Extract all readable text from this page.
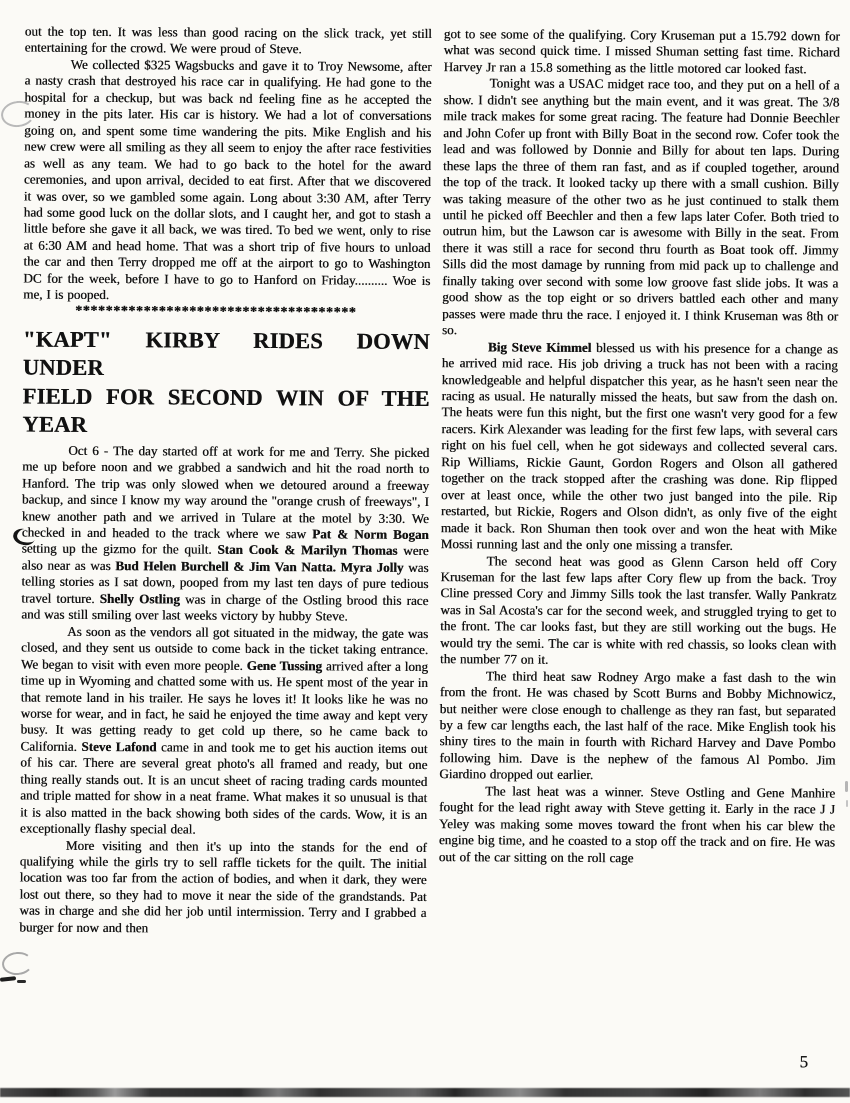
out the top ten. It was less than good racing on the slick track, yet still entertaining for the crowd. We were proud of Steve.

We collected $325 Wagsbucks and gave it to Troy Newsome, after a nasty crash that destroyed his race car in qualifying. He had gone to the hospital for a checkup, but was back nd feeling fine as he accepted the money in the pits later. His car is history. We had a lot of conversations going on, and spent some time wandering the pits. Mike English and his new crew were all smiling as they all seem to enjoy the after race festivities as well as any team. We had to go back to the hotel for the award ceremonies, and upon arrival, decided to eat first. After that we discovered it was over, so we gambled some again. Long about 3:30 AM, after Terry had some good luck on the dollar slots, and I caught her, and got to stash a little before she gave it all back, we was tired. To bed we went, only to rise at 6:30 AM and head home. That was a short trip of five hours to unload the car and then Terry dropped me off at the airport to go to Washington DC for the week, before I have to go to Hanford on Friday.......... Woe is me, I is pooped.

*************************************
"KAPT" KIRBY RIDES DOWN UNDER
FIELD FOR SECOND WIN OF THE YEAR

Oct 6 - The day started off at work for me and Terry. She picked me up before noon and we grabbed a sandwich and hit the road north to Hanford. The trip was only slowed when we detoured around a freeway backup, and since I know my way around the "orange crush of freeways", I knew another path and we arrived in Tulare at the motel by 3:30. We checked in and headed to the track where we saw Pat & Norm Bogan setting up the gizmo for the quilt. Stan Cook & Marilyn Thomas were also near as was Bud Helen Burchell & Jim Van Natta. Myra Jolly was telling stories as I sat down, pooped from my last ten days of pure tedious travel torture. Shelly Ostling was in charge of the Ostling brood this race and was still smiling over last weeks victory by hubby Steve.

As soon as the vendors all got situated in the midway, the gate was closed, and they sent us outside to come back in the ticket taking entrance. We began to visit with even more people. Gene Tussing arrived after a long time up in Wyoming and chatted some with us. He spent most of the year in that remote land in his trailer. He says he loves it! It looks like he was no worse for wear, and in fact, he said he enjoyed the time away and kept very busy. It was getting ready to get cold up there, so he came back to California. Steve Lafond came in and took me to get his auction items out of his car. There are several great photo's all framed and ready, but one thing really stands out. It is an uncut sheet of racing trading cards mounted and triple matted for show in a neat frame. What makes it so unusual is that it is also matted in the back showing both sides of the cards. Wow, it is an exceptionally flashy special deal.

More visiting and then it's up into the stands for the end of qualifying while the girls try to sell raffle tickets for the quilt. The initial location was too far from the action of bodies, and when it dark, they were lost out there, so they had to move it near the side of the grandstands. Pat was in charge and she did her job until intermission. Terry and I grabbed a burger for now and then

got to see some of the qualifying. Cory Kruseman put a 15.792 down for what was second quick time. I missed Shuman setting fast time. Richard Harvey Jr ran a 15.8 something as the little motored car looked fast.

Tonight was a USAC midget race too, and they put on a hell of a show. I didn't see anything but the main event, and it was great. The 3/8 mile track makes for some great racing. The feature had Donnie Beechler and John Cofer up front with Billy Boat in the second row. Cofer took the lead and was followed by Donnie and Billy for about ten laps. During these laps the three of them ran fast, and as if coupled together, around the top of the track. It looked tacky up there with a small cushion. Billy was taking measure of the other two as he just continued to stalk them until he picked off Beechler and then a few laps later Cofer. Both tried to outrun him, but the Lawson car is awesome with Billy in the seat. From there it was still a race for second thru fourth as Boat took off. Jimmy Sills did the most damage by running from mid pack up to challenge and finally taking over second with some low groove fast slide jobs. It was a good show as the top eight or so drivers battled each other and many passes were made thru the race. I enjoyed it. I think Kruseman was 8th or so.

Big Steve Kimmel blessed us with his presence for a change as he arrived mid race. His job driving a truck has not been with a racing knowledgeable and helpful dispatcher this year, as he hasn't seen near the racing as usual. He naturally missed the heats, but saw from the dash on. The heats were fun this night, but the first one wasn't very good for a few racers. Kirk Alexander was leading for the first few laps, with several cars right on his fuel cell, when he got sideways and collected several cars. Rip Williams, Rickie Gaunt, Gordon Rogers and Olson all gathered together on the track stopped after the crashing was done. Rip flipped over at least once, while the other two just banged into the pile. Rip restarted, but Rickie, Rogers and Olson didn't, as only five of the eight made it back. Ron Shuman then took over and won the heat with Mike Mossi running last and the only one missing a transfer.

The second heat was good as Glenn Carson held off Cory Kruseman for the last few laps after Cory flew up from the back. Troy Cline pressed Cory and Jimmy Sills took the last transfer. Wally Pankratz was in Sal Acosta's car for the second week, and struggled trying to get to the front. The car looks fast, but they are still working out the bugs. He would try the semi. The car is white with red chassis, so looks clean with the number 77 on it.

The third heat saw Rodney Argo make a fast dash to the win from the front. He was chased by Scott Burns and Bobby Michnowicz, but neither were close enough to challenge as they ran fast, but separated by a few car lengths each, the last half of the race. Mike English took his shiny tires to the main in fourth with Richard Harvey and Dave Pombo following him. Dave is the nephew of the famous Al Pombo. Jim Giardino dropped out earlier.

The last heat was a winner. Steve Ostling and Gene Manhire fought for the lead right away with Steve getting it. Early in the race J J Yeley was making some moves toward the front when his car blew the engine big time, and he coasted to a stop off the track and on fire. He was out of the car sitting on the roll cage

5
